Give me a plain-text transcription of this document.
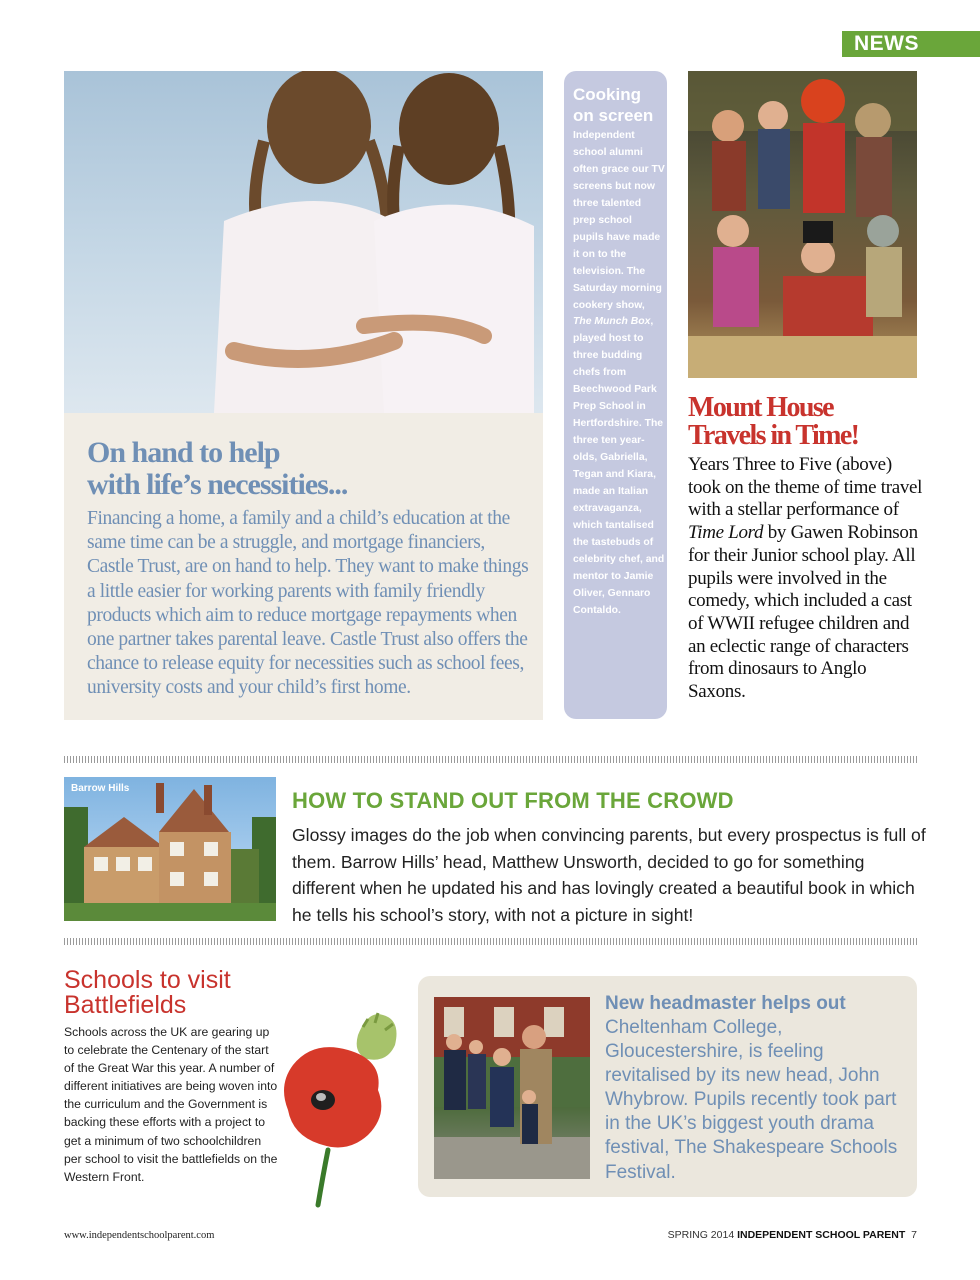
NEWS
On hand to help
with life’s necessities...
Financing a home, a family and a child’s education at the same time can be a struggle, and mortgage financiers, Castle Trust, are on hand to help. They want to make things a little easier for working parents with family friendly products which aim to reduce mortgage repayments when one partner takes parental leave. Castle Trust also offers the chance to release equity for necessities such as school fees, university costs and your child’s first home.
Cooking on screen
Independent school alumni often grace our TV screens but now three talented prep school pupils have made it on to the television. The Saturday morning cookery show, The Munch Box, played host to three budding chefs from Beechwood Park Prep School in Hertfordshire. The three ten year-olds, Gabriella, Tegan and Kiara, made an Italian extravaganza, which tantalised the tastebuds of celebrity chef, and mentor to Jamie Oliver, Gennaro Contaldo.
Mount House
Travels in Time!
Years Three to Five (above) took on the theme of time travel with a stellar performance of Time Lord by Gawen Robinson for their Junior school play. All pupils were involved in the comedy, which included a cast of WWII refugee children and an eclectic range of characters from dinosaurs to Anglo Saxons.
Barrow Hills	HOW TO STAND OUT FROM THE CROWD
Glossy images do the job when convincing parents, but every prospectus is full of them. Barrow Hills’ head, Matthew Unsworth, decided to go for something different when he updated his and has lovingly created a beautiful book in which he tells his school’s story, with not a picture in sight!
Schools to visit
Battlefields
Schools across the UK are gearing up to celebrate the Centenary of the start of the Great War this year. A number of different initiatives are being woven into the curriculum and the Government is backing these efforts with a project to get a minimum of two schoolchildren per school to visit the battlefields on the Western Front.
New headmaster helps out
Cheltenham College, Gloucestershire, is feeling revitalised by its new head, John Whybrow. Pupils recently took part in the UK’s biggest youth drama festival, The Shakespeare Schools Festival.
www.independentschoolparent.com	SPRING 2014 INDEPENDENT SCHOOL PARENT 7
